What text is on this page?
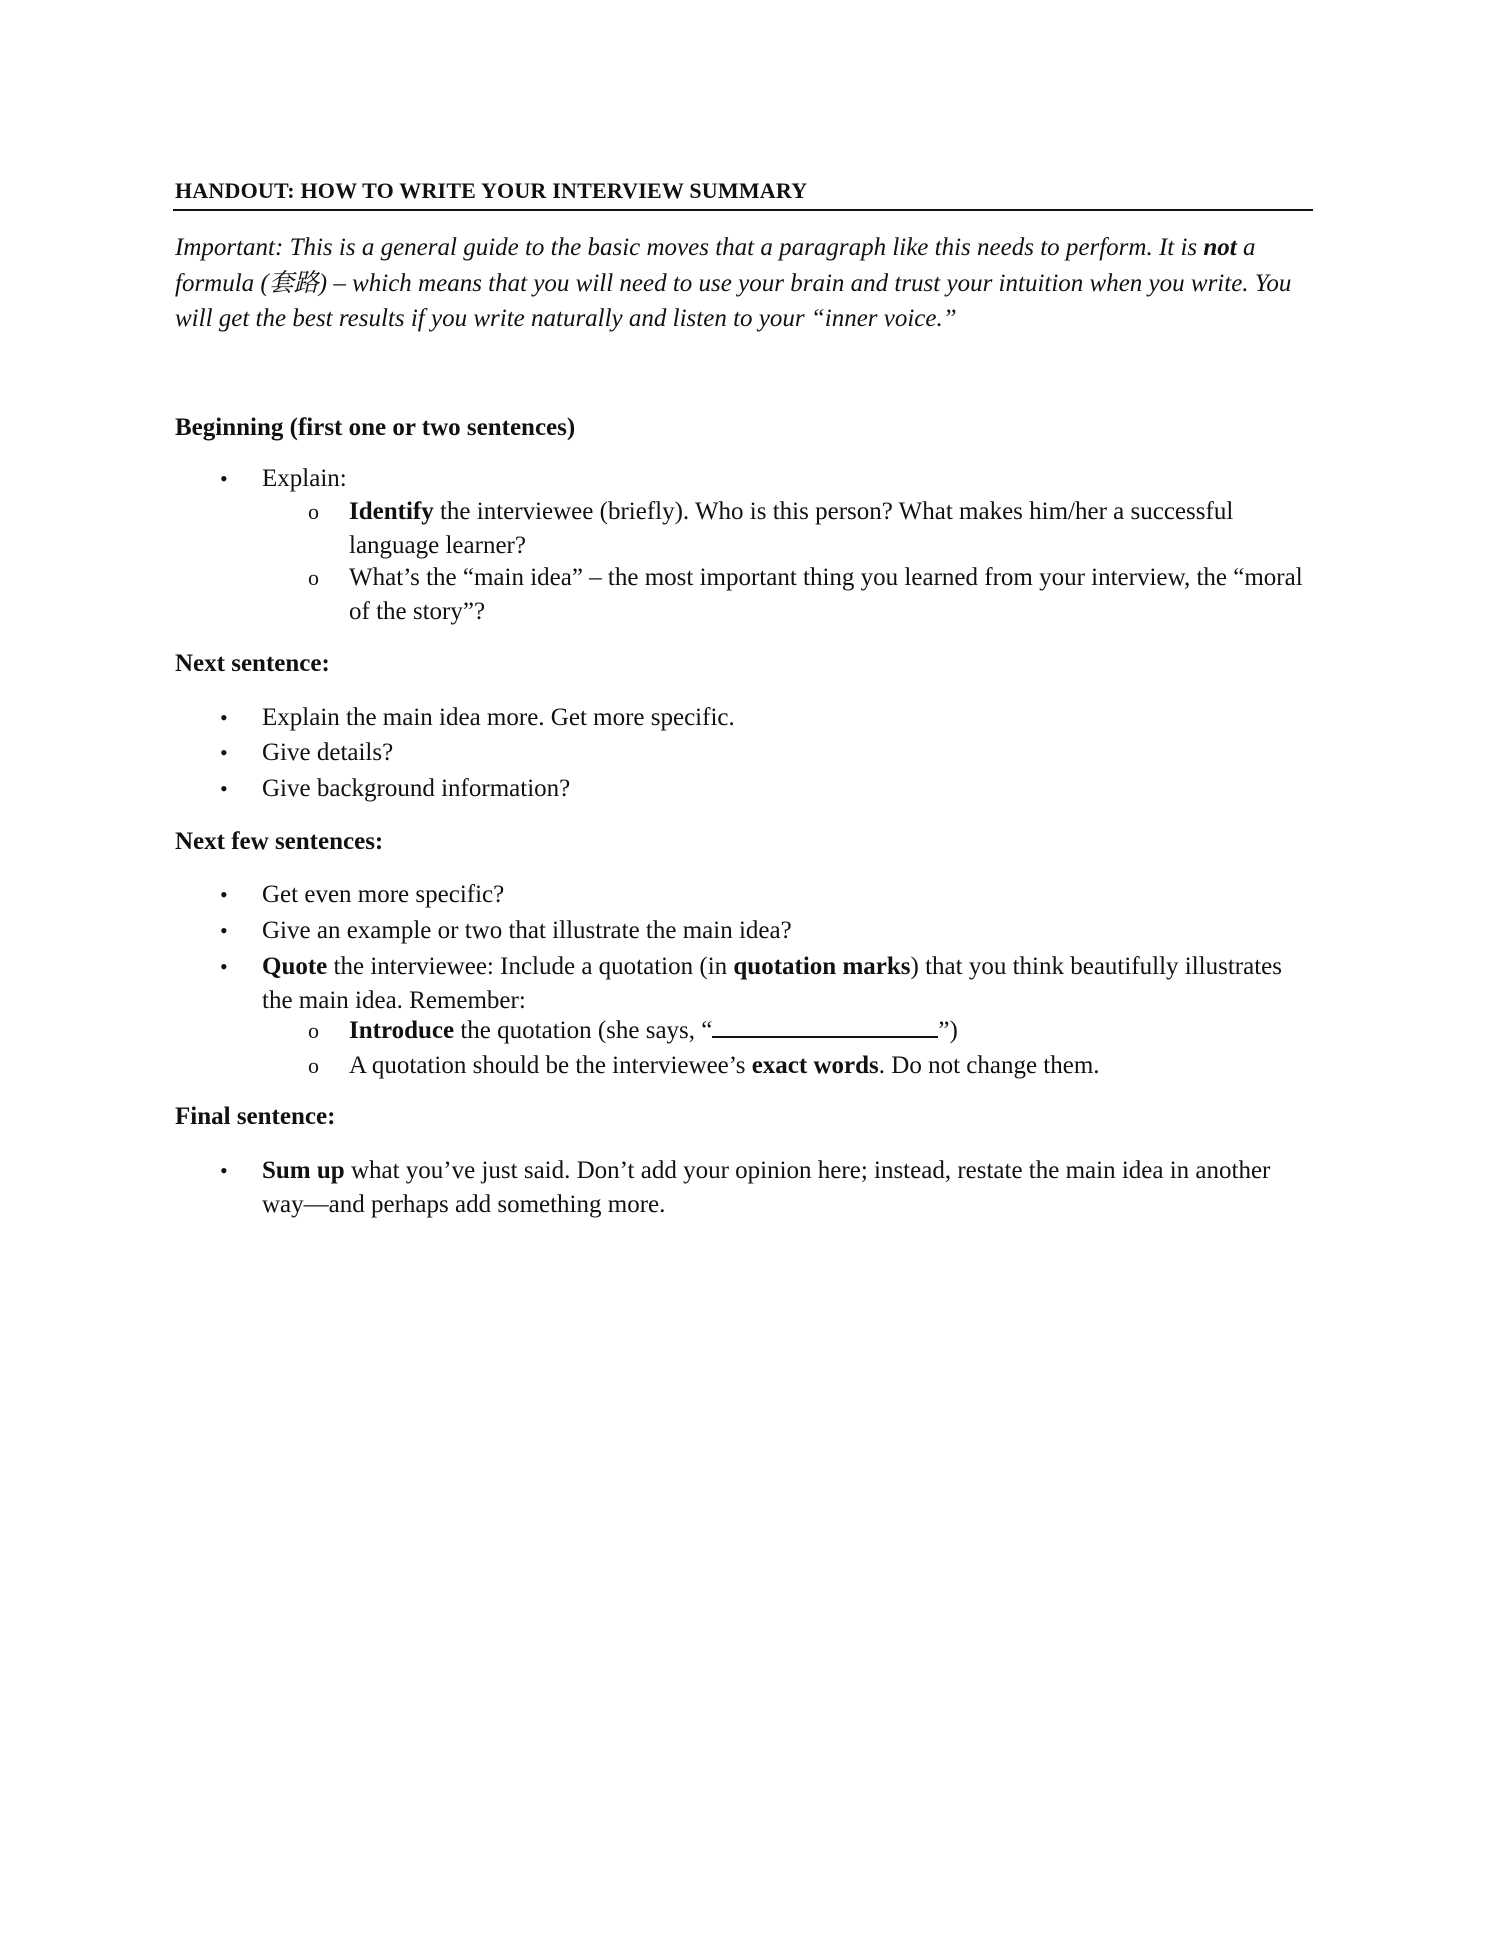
HANDOUT: HOW TO WRITE YOUR INTERVIEW SUMMARY
Important: This is a general guide to the basic moves that a paragraph like this needs to perform. It is not a formula (套路) – which means that you will need to use your brain and trust your intuition when you write. You will get the best results if you write naturally and listen to your “inner voice.”
Beginning (first one or two sentences)
• Explain:
o Identify the interviewee (briefly). Who is this person? What makes him/her a successful language learner?
o What’s the “main idea” – the most important thing you learned from your interview, the “moral of the story”?
Next sentence:
• Explain the main idea more. Get more specific.
• Give details?
• Give background information?
Next few sentences:
• Get even more specific?
• Give an example or two that illustrate the main idea?
• Quote the interviewee: Include a quotation (in quotation marks) that you think beautifully illustrates the main idea. Remember:
o Introduce the quotation (she says, “	”)
o A quotation should be the interviewee’s exact words. Do not change them.
Final sentence:
• Sum up what you’ve just said. Don’t add your opinion here; instead, restate the main idea in another way—and perhaps add something more.
